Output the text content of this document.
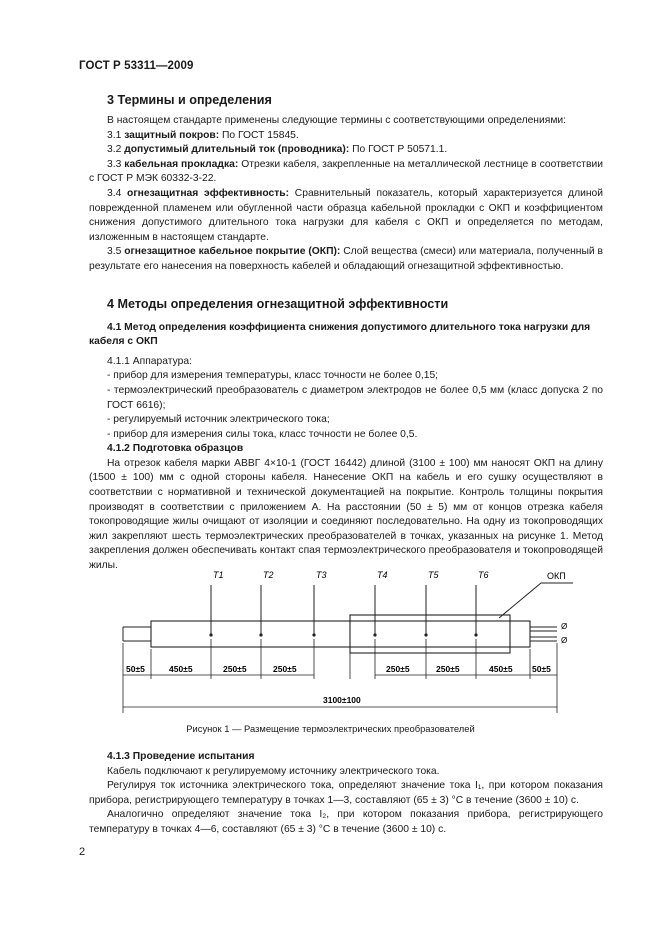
ГОСТ Р 53311—2009
3 Термины и определения

В настоящем стандарте применены следующие термины с соответствующими определениями:

3.1 защитный покров: По ГОСТ 15845.

3.2 допустимый длительный ток (проводника): По ГОСТ Р 50571.1.

3.3 кабельная прокладка: Отрезки кабеля, закрепленные на металлической лестнице в соответствии с ГОСТ Р МЭК 60332-3-22.

3.4 огнезащитная эффективность: Сравнительный показатель, который характеризуется длиной поврежденной пламенем или обугленной части образца кабельной прокладки с ОКП и коэффициентом снижения допустимого длительного тока нагрузки для кабеля с ОКП и определяется по методам, изложенным в настоящем стандарте.

3.5 огнезащитное кабельное покрытие (ОКП): Слой вещества (смеси) или материала, полученный в результате его нанесения на поверхность кабелей и обладающий огнезащитной эффективностью.

4 Методы определения огнезащитной эффективности
4.1 Метод определения коэффициента снижения допустимого длительного тока нагрузки для кабеля с ОКП

4.1.1 Аппаратура:

- прибор для измерения температуры, класс точности не более 0,15;

- термоэлектрический преобразователь с диаметром электродов не более 0,5 мм (класс допуска 2 по ГОСТ 6616);

- регулируемый источник электрического тока;

- прибор для измерения силы тока, класс точности не более 0,5.

4.1.2 Подготовка образцов

На отрезок кабеля марки АВВГ 4×10-1 (ГОСТ 16442) длиной (3100 ± 100) мм наносят ОКП на длину (1500 ± 100) мм с одной стороны кабеля. Нанесение ОКП на кабель и его сушку осуществляют в соответствии с нормативной и технической документацией на покрытие. Контроль толщины покрытия производят в соответствии с приложением А. На расстоянии (50 ± 5) мм от концов отрезка кабеля токопроводящие жилы очищают от изоляции и соединяют последовательно. На одну из токопроводящих жил закрепляют шесть термоэлектрических преобразователей в точках, указанных на рисунке 1. Метод закрепления должен обеспечивать контакт спая термоэлектрического преобразователя и токопроводящей жилы.

Ø
Ø
T1	T2	T3	T4	T5	T6	ОКП
50±5	450±5	250±5	250±5	250±5	250±5	450±5 50±5
3100±100
Рисунок 1 — Размещение термоэлектрических преобразователей
4.1.3 Проведение испытания

Кабель подключают к регулируемому источнику электрического тока.

Регулируя ток источника электрического тока, определяют значение тока I₁, при котором показания прибора, регистрирующего температуру в точках 1—3, составляют (65 ± 3) °С в течение (3600 ± 10) с.

Аналогично определяют значение тока I₂, при котором показания прибора, регистрирующего температуру в точках 4—6, составляют (65 ± 3) °С в течение (3600 ± 10) с.

2
